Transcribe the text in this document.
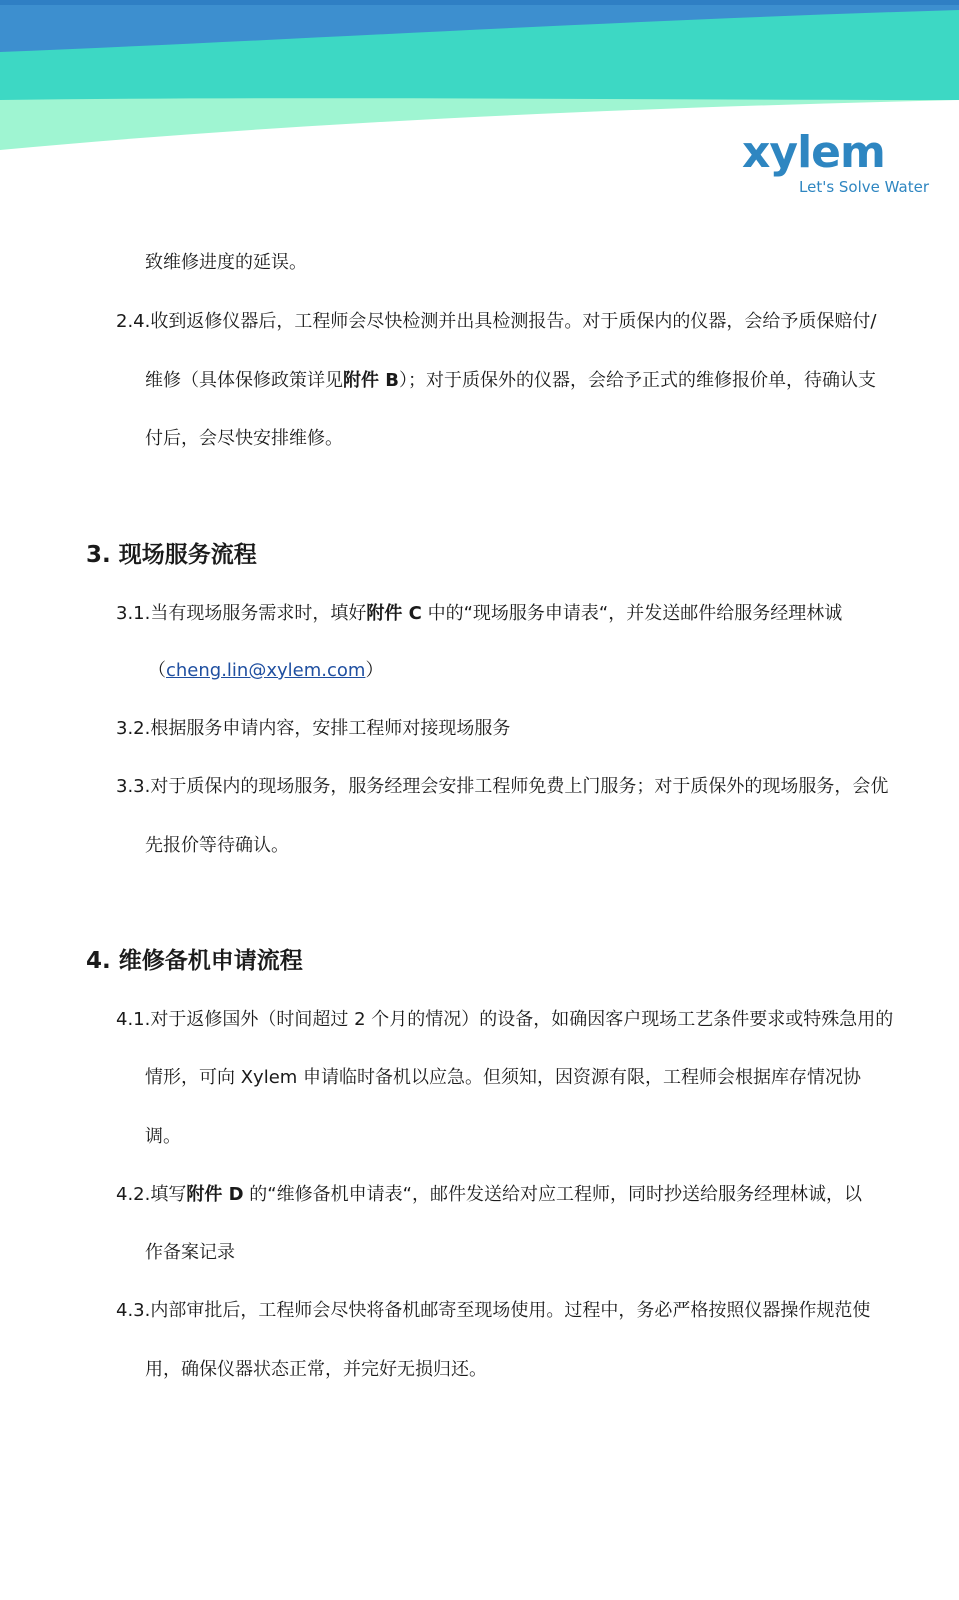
xylem
Let's Solve Water
致维修进度的延误。
2.4.收到返修仪器后，工程师会尽快检测并出具检测报告。对于质保内的仪器，会给予质保赔付/
维修（具体保修政策详见附件 B）；对于质保外的仪器，会给予正式的维修报价单，待确认支
付后，会尽快安排维修。
3. 现场服务流程
3.1.当有现场服务需求时，填好附件 C 中的“现场服务申请表“，并发送邮件给服务经理林诚
（cheng.lin@xylem.com）
3.2.根据服务申请内容，安排工程师对接现场服务
3.3.对于质保内的现场服务，服务经理会安排工程师免费上门服务；对于质保外的现场服务，会优
先报价等待确认。
4. 维修备机申请流程
4.1.对于返修国外（时间超过 2 个月的情况）的设备，如确因客户现场工艺条件要求或特殊急用的
情形，可向 Xylem 申请临时备机以应急。但须知，因资源有限，工程师会根据库存情况协
调。
4.2.填写附件 D 的“维修备机申请表“，邮件发送给对应工程师，同时抄送给服务经理林诚，以
作备案记录
4.3.内部审批后，工程师会尽快将备机邮寄至现场使用。过程中，务必严格按照仪器操作规范使
用，确保仪器状态正常，并完好无损归还。
